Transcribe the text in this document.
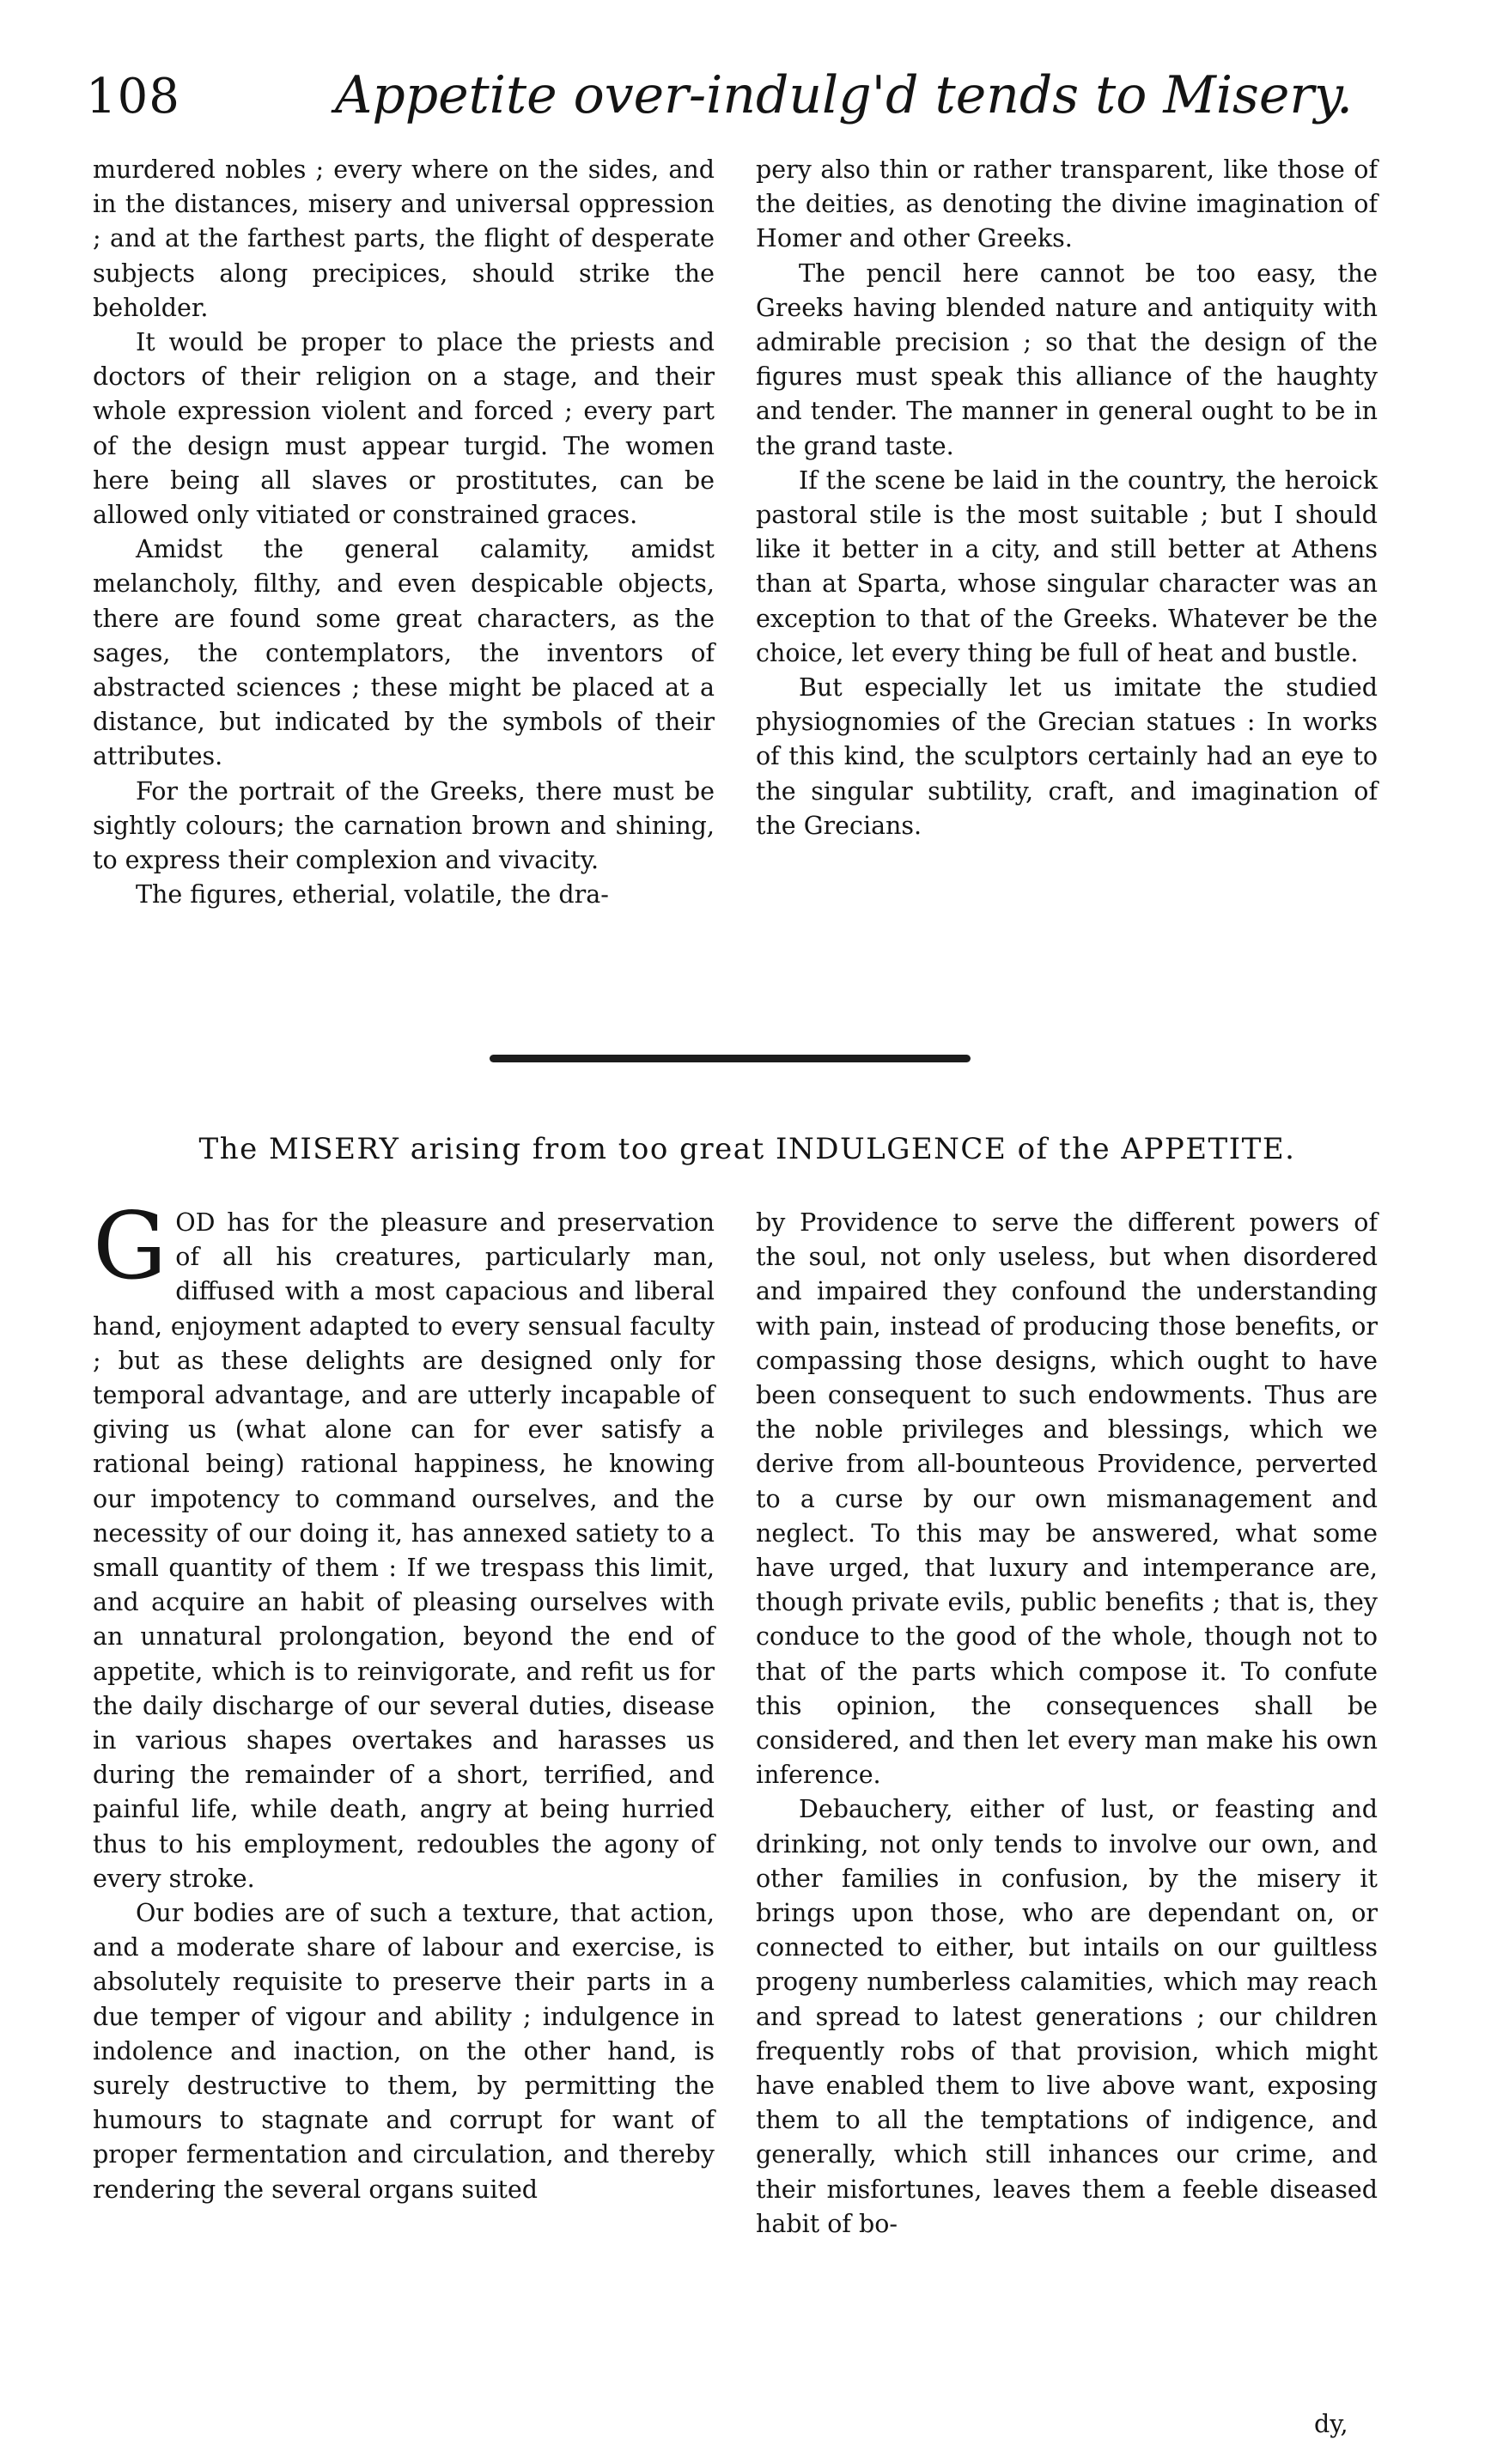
108	Appetite over-indulg'd tends to Misery.

murdered nobles ; every where on the sides, and in the distances, misery and universal oppression ; and at the farthest parts, the flight of desperate subjects along precipices, should strike the beholder.

It would be proper to place the priests and doctors of their religion on a stage, and their whole expression violent and forced ; every part of the design must appear turgid. The women here being all slaves or prostitutes, can be allowed only vitiated or constrained graces.

Amidst the general calamity, amidst melancholy, filthy, and even despicable objects, there are found some great characters, as the sages, the contemplators, the inventors of abstracted sciences ; these might be placed at a distance, but indicated by the symbols of their attributes.

For the portrait of the Greeks, there must be sightly colours; the carnation brown and shining, to express their complexion and vivacity.

The figures, etherial, volatile, the dra-

pery also thin or rather transparent, like those of the deities, as denoting the divine imagination of Homer and other Greeks.

The pencil here cannot be too easy, the Greeks having blended nature and antiquity with admirable precision ; so that the design of the figures must speak this alliance of the haughty and tender. The manner in general ought to be in the grand taste.

If the scene be laid in the country, the heroick pastoral stile is the most suitable ; but I should like it better in a city, and still better at Athens than at Sparta, whose singular character was an exception to that of the Greeks. Whatever be the choice, let every thing be full of heat and bustle.

But especially let us imitate the studied physiognomies of the Grecian statues : In works of this kind, the sculptors certainly had an eye to the singular subtility, craft, and imagination of the Grecians.

The MISERY arising from too great INDULGENCE of the APPETITE.

GOD has for the pleasure and preservation of all his creatures, particularly man, diffused with a most capacious and liberal hand, enjoyment adapted to every sensual faculty ; but as these delights are designed only for temporal advantage, and are utterly incapable of giving us (what alone can for ever satisfy a rational being) rational happiness, he knowing our impotency to command ourselves, and the necessity of our doing it, has annexed satiety to a small quantity of them : If we trespass this limit, and acquire an habit of pleasing ourselves with an unnatural prolongation, beyond the end of appetite, which is to reinvigorate, and refit us for the daily discharge of our several duties, disease in various shapes overtakes and harasses us during the remainder of a short, terrified, and painful life, while death, angry at being hurried thus to his employment, redoubles the agony of every stroke.

Our bodies are of such a texture, that action, and a moderate share of labour and exercise, is absolutely requisite to preserve their parts in a due temper of vigour and ability ; indulgence in indolence and inaction, on the other hand, is surely destructive to them, by permitting the humours to stagnate and corrupt for want of proper fermentation and circulation, and thereby rendering the several organs suited

by Providence to serve the different powers of the soul, not only useless, but when disordered and impaired they confound the understanding with pain, instead of producing those benefits, or compassing those designs, which ought to have been consequent to such endowments. Thus are the noble privileges and blessings, which we derive from all-bounteous Providence, perverted to a curse by our own mismanagement and neglect. To this may be answered, what some have urged, that luxury and intemperance are, though private evils, public benefits ; that is, they conduce to the good of the whole, though not to that of the parts which compose it. To confute this opinion, the consequences shall be considered, and then let every man make his own inference.

Debauchery, either of lust, or feasting and drinking, not only tends to involve our own, and other families in confusion, by the misery it brings upon those, who are dependant on, or connected to either, but intails on our guiltless progeny numberless calamities, which may reach and spread to latest generations ; our children frequently robs of that provision, which might have enabled them to live above want, exposing them to all the temptations of indigence, and generally, which still inhances our crime, and their misfortunes, leaves them a feeble diseased habit of bo-

dy,
